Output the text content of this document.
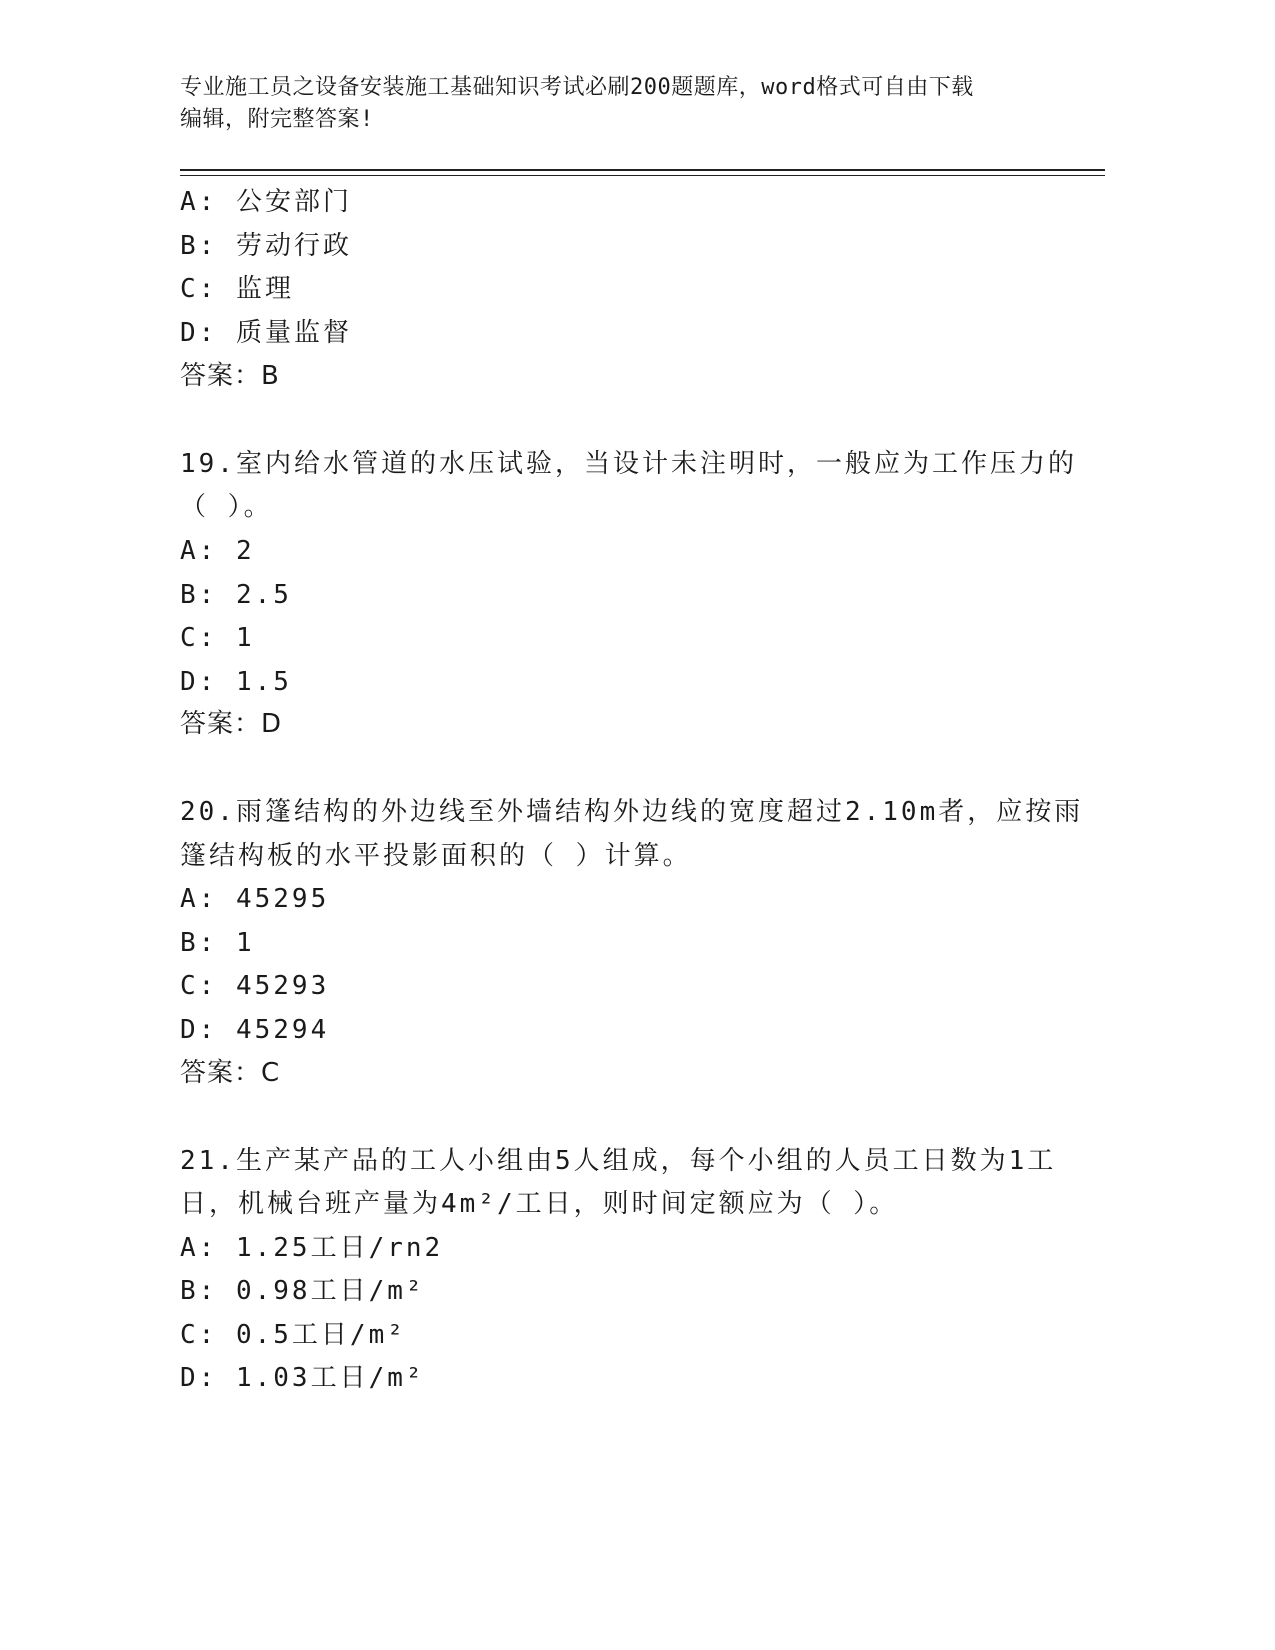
专业施工员之设备安装施工基础知识考试必刷200题题库，word格式可自由下载
编辑，附完整答案!
A: 公安部门
B: 劳动行政
C: 监理
D: 质量监督
答案：B
19.室内给水管道的水压试验，当设计未注明时，一般应为工作压力的
（ ）。
A: 2
B: 2.5
C: 1
D: 1.5
答案：D
20.雨篷结构的外边线至外墙结构外边线的宽度超过2.10m者，应按雨
篷结构板的水平投影面积的（ ）计算。
A: 45295
B: 1
C: 45293
D: 45294
答案：C
21.生产某产品的工人小组由5人组成，每个小组的人员工日数为1工
日，机械台班产量为4m²/工日，则时间定额应为（ ）。
A: 1.25工日/rn2
B: 0.98工日/m²
C: 0.5工日/m²
D: 1.03工日/m²
